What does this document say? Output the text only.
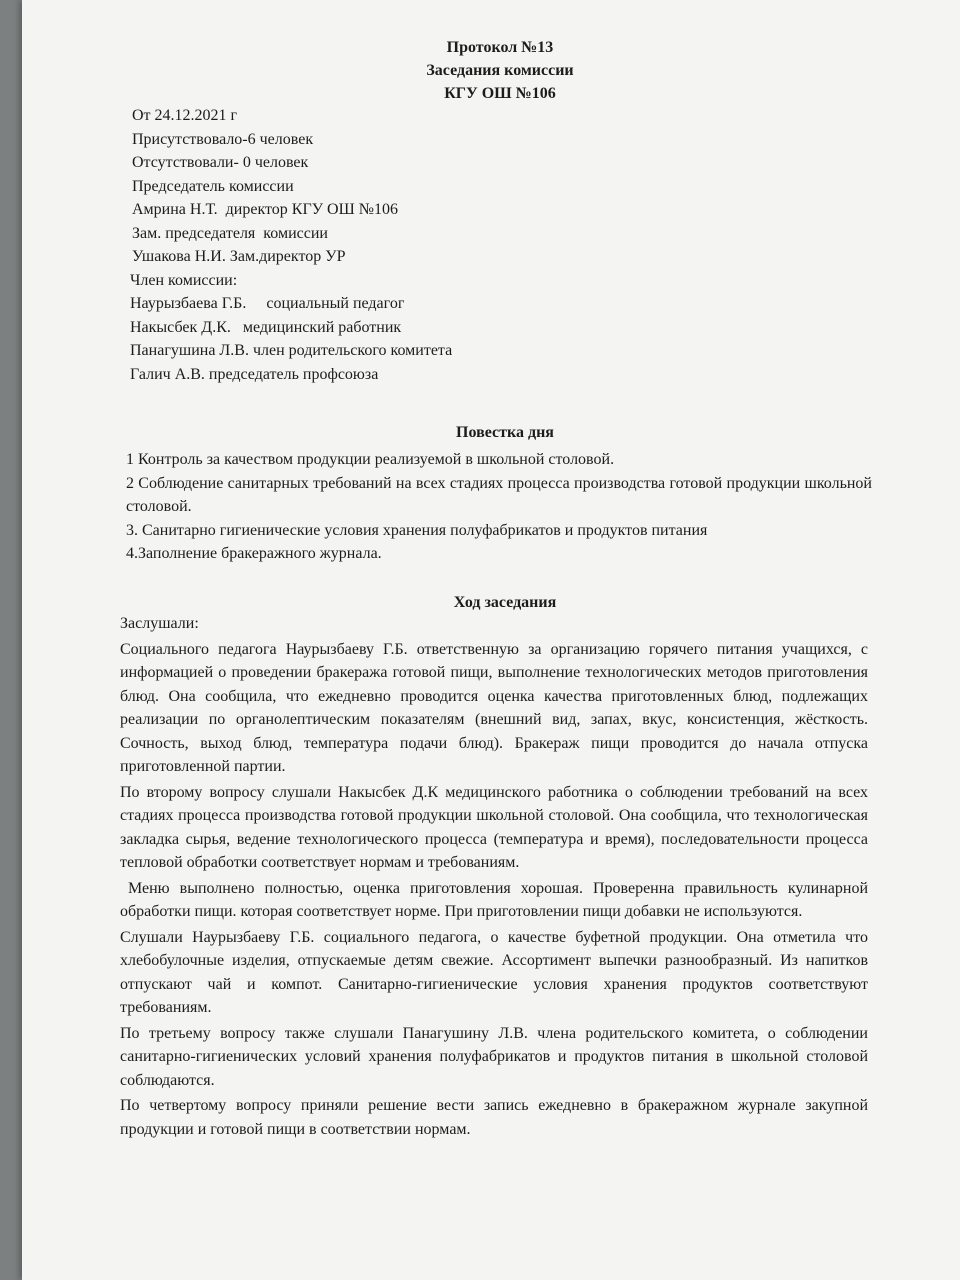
Протокол №13
Заседания комиссии
КГУ ОШ №106
От 24.12.2021 г
Присутствовало-6 человек
Отсутствовали- 0 человек
Председатель комиссии
Амрина Н.Т.  директор КГУ ОШ №106
Зам. председателя  комиссии
Ушакова Н.И. Зам.директор УР
Член комиссии:
Наурызбаева Г.Б.     социальный педагог
Накысбек Д.К.   медицинский работник
Панагушина Л.В. член родительского комитета
Галич А.В. председатель профсоюза
Повестка дня
1 Контроль за качеством продукции реализуемой в школьной столовой.
2 Соблюдение санитарных требований на всех стадиях процесса производства готовой продукции школьной столовой.
3. Санитарно гигиенические условия хранения полуфабрикатов и продуктов питания
4.Заполнение бракеражного журнала.
Ход заседания
Заслушали:
Социального педагога Наурызбаеву Г.Б. ответственную за организацию горячего питания учащихся, с информацией о проведении бракеража готовой пищи, выполнение технологических методов приготовления блюд. Она сообщила, что ежедневно проводится оценка качества приготовленных блюд, подлежащих реализации по органолептическим показателям (внешний вид, запах, вкус, консистенция, жёсткость. Сочность, выход блюд, температура подачи блюд). Бракераж пищи проводится до начала отпуска приготовленной партии.
По второму вопросу слушали Накысбек Д.К медицинского работника о соблюдении требований на всех стадиях процесса производства готовой продукции школьной столовой. Она сообщила, что технологическая закладка сырья, ведение технологического процесса (температура и время), последовательности процесса тепловой обработки соответствует нормам и требованиям.
Меню выполнено полностью, оценка приготовления хорошая. Проверенна правильность кулинарной обработки пищи. которая соответствует норме. При приготовлении пищи добавки не используются.
Слушали Наурызбаеву Г.Б. социального педагога, о качестве буфетной продукции. Она отметила что хлебобулочные изделия, отпускаемые детям свежие. Ассортимент выпечки разнообразный. Из напитков отпускают чай и компот. Санитарно-гигиенические условия хранения продуктов соответствуют требованиям.
По третьему вопросу также слушали Панагушину Л.В. члена родительского комитета, о соблюдении санитарно-гигиенических условий хранения полуфабрикатов и продуктов питания в школьной столовой соблюдаются.
По четвертому вопросу приняли решение вести запись ежедневно в бракеражном журнале закупной продукции и готовой пищи в соответствии нормам.
